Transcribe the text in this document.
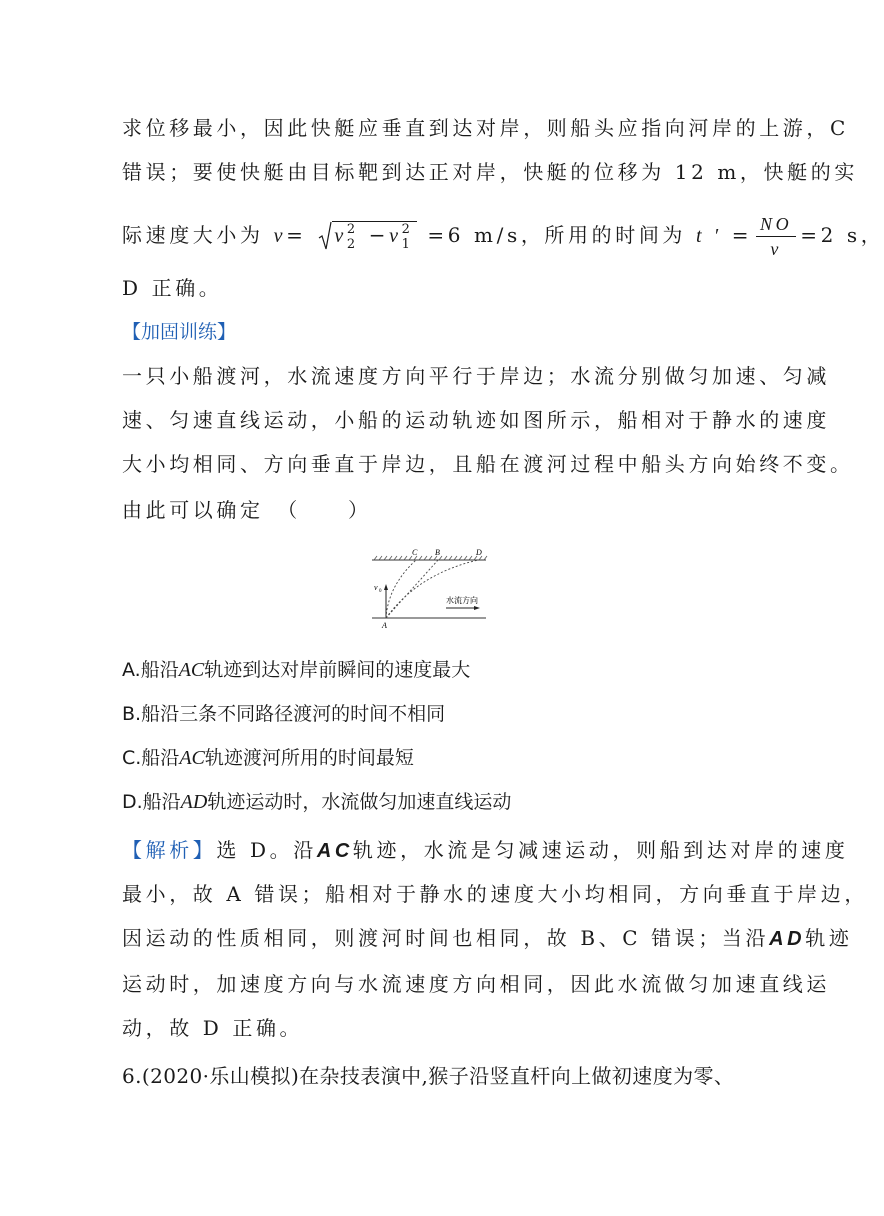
求位移最小，因此快艇应垂直到达对岸，则船头应指向河岸的上游，C
错误；要使快艇由目标靶到达正对岸，快艇的位移为 12 m，快艇的实
际速度大小为 v= v 2
2 −v 2
1 =6 m/s，所用的时间为 t ′ = $\frac{NO}{v} =2$ s，
D 正确。
【加固训练】
一只小船渡河，水流速度方向平行于岸边；水流分别做匀加速、匀减
速、匀速直线运动，小船的运动轨迹如图所示，船相对于静水的速度
大小均相同、方向垂直于岸边，且船在渡河过程中船头方向始终不变。
由此可以确定　（　　）
C B	D
A
v 0
水流方向
A.船沿AC轨迹到达对岸前瞬间的速度最大
B.船沿三条不同路径渡河的时间不相同
C.船沿AC轨迹渡河所用的时间最短
D.船沿AD轨迹运动时，水流做匀加速直线运动
【解析】选 D。沿AC轨迹，水流是匀减速运动，则船到达对岸的速度
最小，故 A 错误；船相对于静水的速度大小均相同，方向垂直于岸边，
因运动的性质相同，则渡河时间也相同，故 B、C 错误；当沿AD轨迹
运动时，加速度方向与水流速度方向相同，因此水流做匀加速直线运
动，故 D 正确。
6.(2020·乐山模拟)在杂技表演中,猴子沿竖直杆向上做初速度为零、
